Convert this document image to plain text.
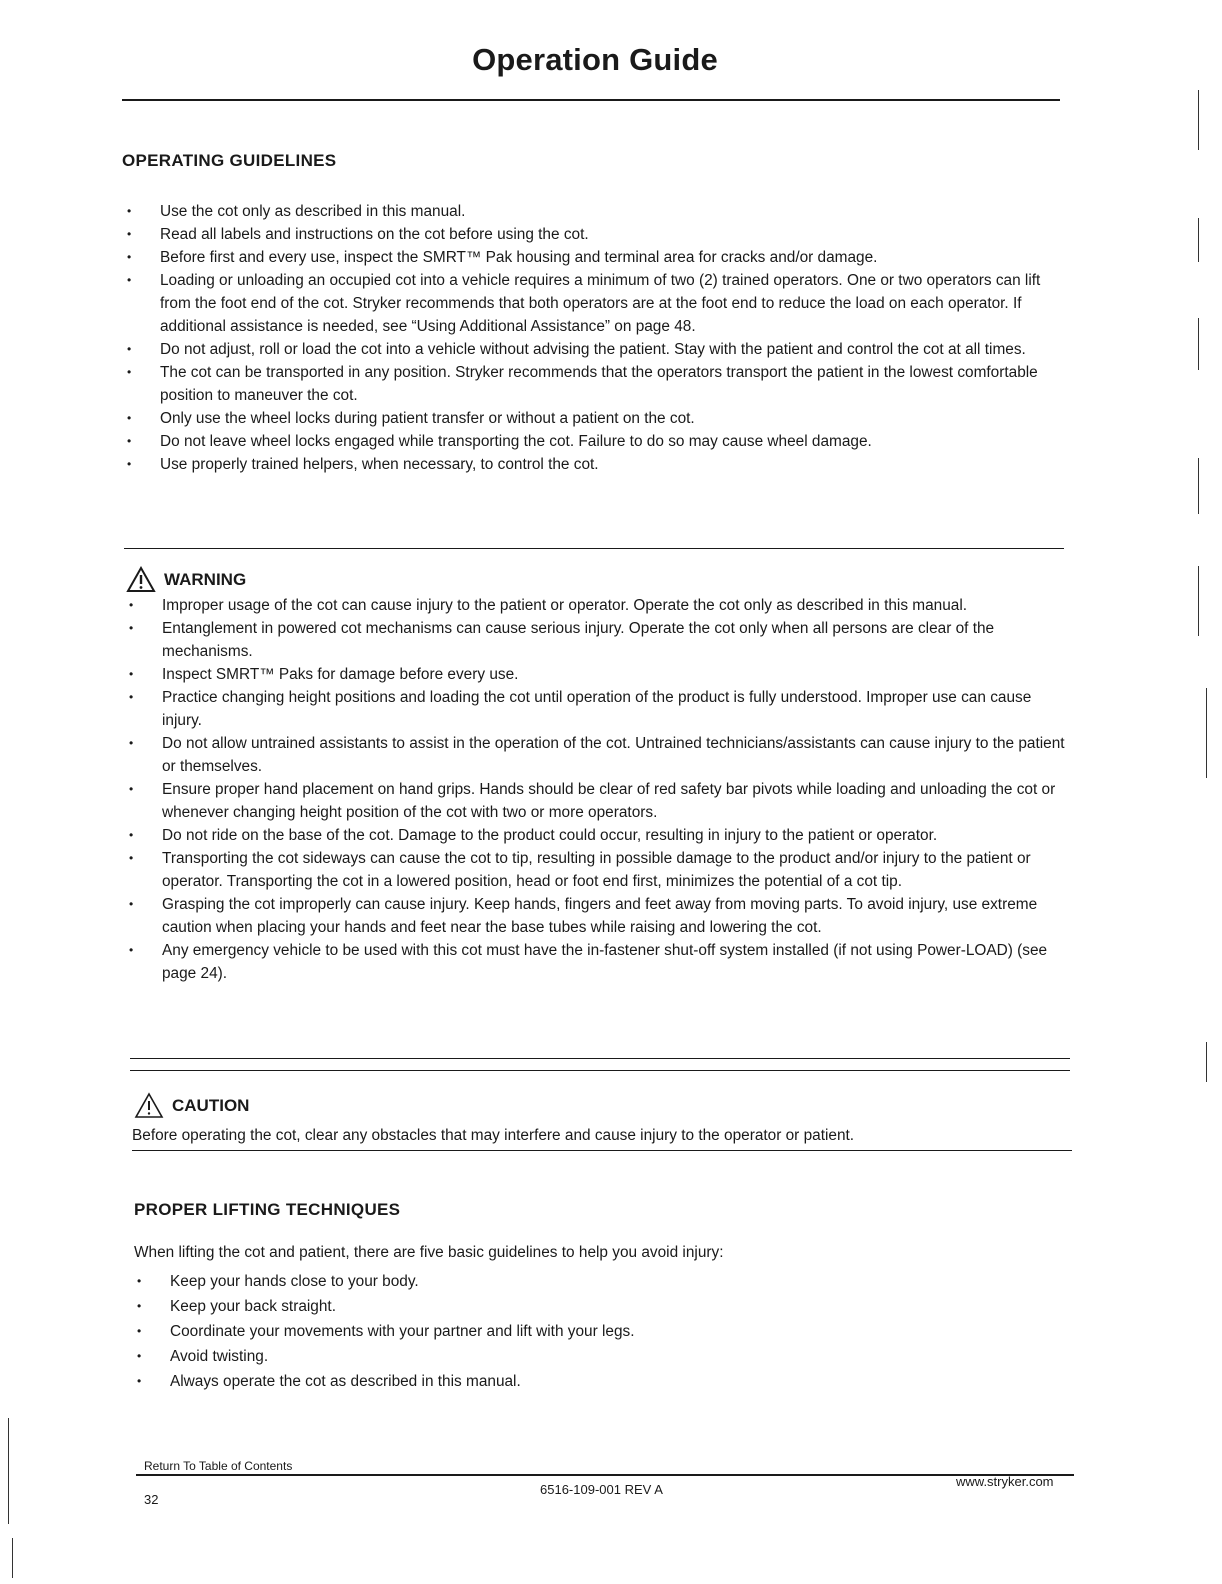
Operation Guide
OPERATING GUIDELINES
• Use the cot only as described in this manual.
• Read all labels and instructions on the cot before using the cot.
• Before first and every use, inspect the SMRT™ Pak housing and terminal area for cracks and/or damage.
• Loading or unloading an occupied cot into a vehicle requires a minimum of two (2) trained operators. One or two operators can lift from the foot end of the cot. Stryker recommends that both operators are at the foot end to reduce the load on each operator. If additional assistance is needed, see “Using Additional Assistance” on page 48.
• Do not adjust, roll or load the cot into a vehicle without advising the patient. Stay with the patient and control the cot at all times.
• The cot can be transported in any position. Stryker recommends that the operators transport the patient in the lowest comfortable position to maneuver the cot.
• Only use the wheel locks during patient transfer or without a patient on the cot.
• Do not leave wheel locks engaged while transporting the cot. Failure to do so may cause wheel damage.
• Use properly trained helpers, when necessary, to control the cot.
WARNING
• Improper usage of the cot can cause injury to the patient or operator. Operate the cot only as described in this manual.
• Entanglement in powered cot mechanisms can cause serious injury. Operate the cot only when all persons are clear of the mechanisms.
• Inspect SMRT™ Paks for damage before every use.
• Practice changing height positions and loading the cot until operation of the product is fully understood. Improper use can cause injury.
• Do not allow untrained assistants to assist in the operation of the cot. Untrained technicians/assistants can cause injury to the patient or themselves.
• Ensure proper hand placement on hand grips. Hands should be clear of red safety bar pivots while loading and unloading the cot or whenever changing height position of the cot with two or more operators.
• Do not ride on the base of the cot. Damage to the product could occur, resulting in injury to the patient or operator.
• Transporting the cot sideways can cause the cot to tip, resulting in possible damage to the product and/or injury to the patient or operator. Transporting the cot in a lowered position, head or foot end first, minimizes the potential of a cot tip.
• Grasping the cot improperly can cause injury. Keep hands, fingers and feet away from moving parts. To avoid injury, use extreme caution when placing your hands and feet near the base tubes while raising and lowering the cot.
• Any emergency vehicle to be used with this cot must have the in-fastener shut-off system installed (if not using Power-LOAD) (see page 24).
CAUTION
Before operating the cot, clear any obstacles that may interfere and cause injury to the operator or patient.
PROPER LIFTING TECHNIQUES
When lifting the cot and patient, there are five basic guidelines to help you avoid injury:
• Keep your hands close to your body.
• Keep your back straight.
• Coordinate your movements with your partner and lift with your legs.
• Avoid twisting.
• Always operate the cot as described in this manual.
Return To Table of Contents
32
6516-109-001 REV A
www.stryker.com
